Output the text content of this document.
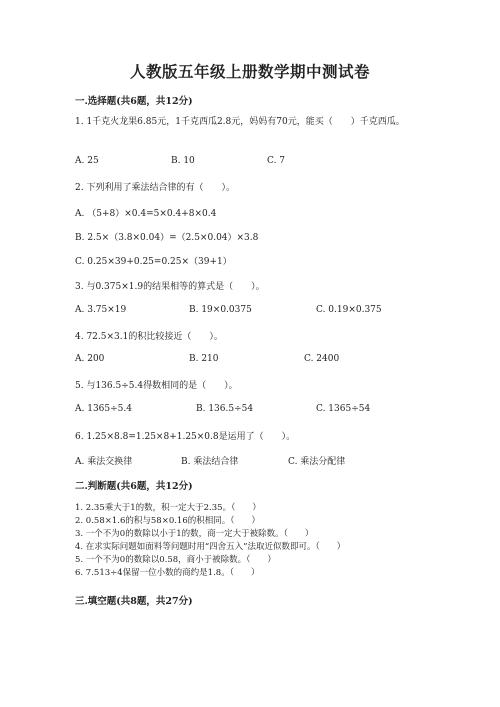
人教版五年级上册数学期中测试卷
一.选择题(共6题，共12分)
1. 1千克火龙果6.85元，1千克西瓜2.8元，妈妈有70元，能买（　　）千克西瓜。
A. 25	B. 10	C. 7
2. 下列利用了乘法结合律的有（　　）。
A. （5+8）×0.4=5×0.4+8×0.4
B. 2.5×（3.8×0.04）=（2.5×0.04）×3.8
C. 0.25×39+0.25=0.25×（39+1）
3. 与0.375×1.9的结果相等的算式是（　　）。
A. 3.75×19	B. 19×0.0375	C. 0.19×0.375
4. 72.5×3.1的积比较接近（　　）。
A. 200	B. 210	C. 2400
5. 与136.5÷5.4得数相同的是（　　）。
A. 1365÷5.4	B. 136.5÷54	C. 1365÷54
6. 1.25×8.8=1.25×8+1.25×0.8是运用了（　　）。
A. 乘法交换律	B. 乘法结合律	C. 乘法分配律
二.判断题(共6题，共12分)
1. 2.35乘大于1的数，积一定大于2.35。（　　）
2. 0.58×1.6的积与58×0.16的积相同。（　　）
3. 一个不为0的数除以小于1的数，商一定大于被除数。（　　）
4. 在求实际问题如面料等问题时用“四舍五入”法取近似数即可。（　　）
5. 一个不为0的数除以0.58，商小于被除数。（　　）
6. 7.513÷4保留一位小数的商约是1.8。（　　）
三.填空题(共8题，共27分)
